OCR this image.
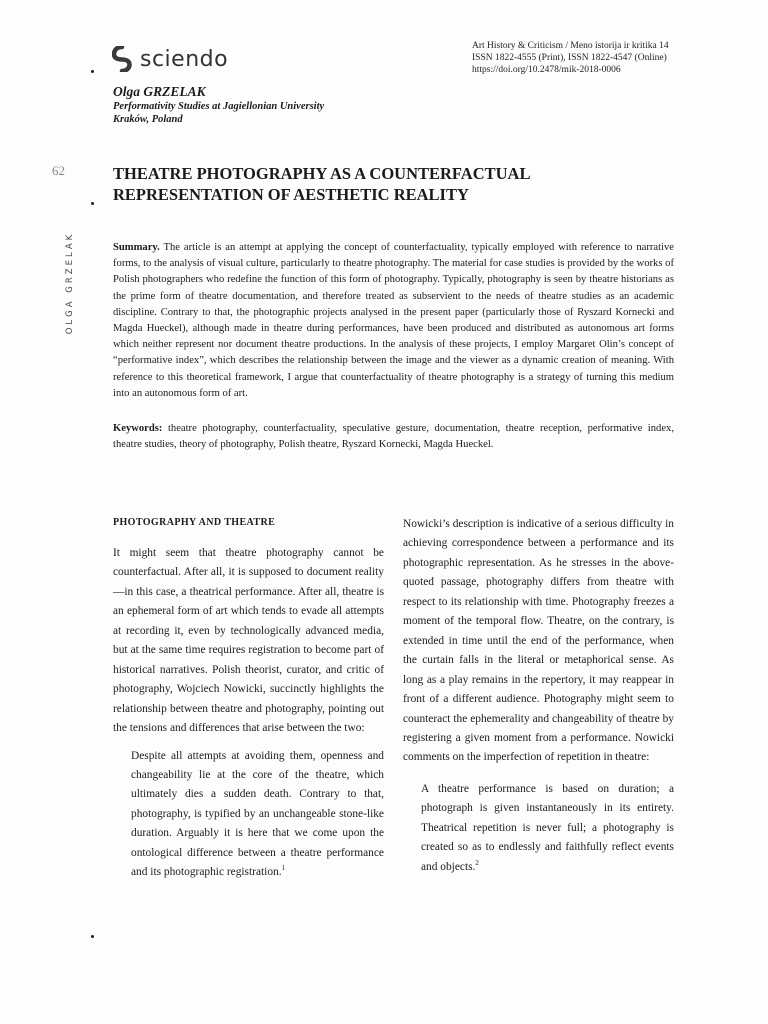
sciendo
Art History & Criticism / Meno istorija ir kritika 14
ISSN 1822-4555 (Print), ISSN 1822-4547 (Online)
https://doi.org/10.2478/mik-2018-0006
Olga GRZELAK
Performativity Studies at Jagiellonian University
Kraków, Poland
62
OLGA GRZELAK
THEATRE PHOTOGRAPHY AS A COUNTERFACTUAL REPRESENTATION OF AESTHETIC REALITY

Summary. The article is an attempt at applying the concept of counterfactuality, typically employed with reference to narrative forms, to the analysis of visual culture, particularly to theatre photography. The material for case studies is provided by the works of Polish photographers who redefine the function of this form of photography. Typically, photography is seen by theatre historians as the prime form of theatre documentation, and therefore treated as subservient to the needs of theatre studies as an academic discipline. Contrary to that, the photographic projects analysed in the present paper (particularly those of Ryszard Kornecki and Magda Hueckel), although made in theatre during performances, have been produced and distributed as autonomous art forms which neither represent nor document theatre productions. In the analysis of these projects, I employ Margaret Olin’s concept of “performative index”, which describes the relationship between the image and the viewer as a dynamic creation of meaning. With reference to this theoretical framework, I argue that counterfactuality of theatre photography is a strategy of turning this medium into an autonomous form of art.

Keywords: theatre photography, counterfactuality, speculative gesture, documentation, theatre reception, performative index, theatre studies, theory of photography, Polish theatre, Ryszard Kornecki, Magda Hueckel.

PHOTOGRAPHY AND THEATRE

It might seem that theatre photography cannot be counterfactual. After all, it is supposed to document reality—in this case, a theatrical performance. After all, theatre is an ephemeral form of art which tends to evade all attempts at recording it, even by technologically advanced media, but at the same time requires registration to become part of historical narratives. Polish theorist, curator, and critic of photography, Wojciech Nowicki, succinctly highlights the relationship between theatre and photography, pointing out the tensions and differences that arise between the two:

Despite all attempts at avoiding them, openness and changeability lie at the core of the theatre, which ultimately dies a sudden death. Contrary to that, photography, is typified by an unchangeable stone-like duration. Arguably it is here that we come upon the ontological difference between a theatre performance and its photographic registration.$^1$

Nowicki’s description is indicative of a serious difficulty in achieving correspondence between a performance and its photographic representation. As he stresses in the above-quoted passage, photography differs from theatre with respect to its relationship with time. Photography freezes a moment of the temporal flow. Theatre, on the contrary, is extended in time until the end of the performance, when the curtain falls in the literal or metaphorical sense. As long as a play remains in the repertory, it may reappear in front of a different audience. Photography might seem to counteract the ephemerality and changeability of theatre by registering a given moment from a performance. Nowicki comments on the imperfection of repetition in theatre:

A theatre performance is based on duration; a photograph is given instantaneously in its entirety. Theatrical repetition is never full; a photography is created so as to endlessly and faithfully reflect events and objects.$^2$
